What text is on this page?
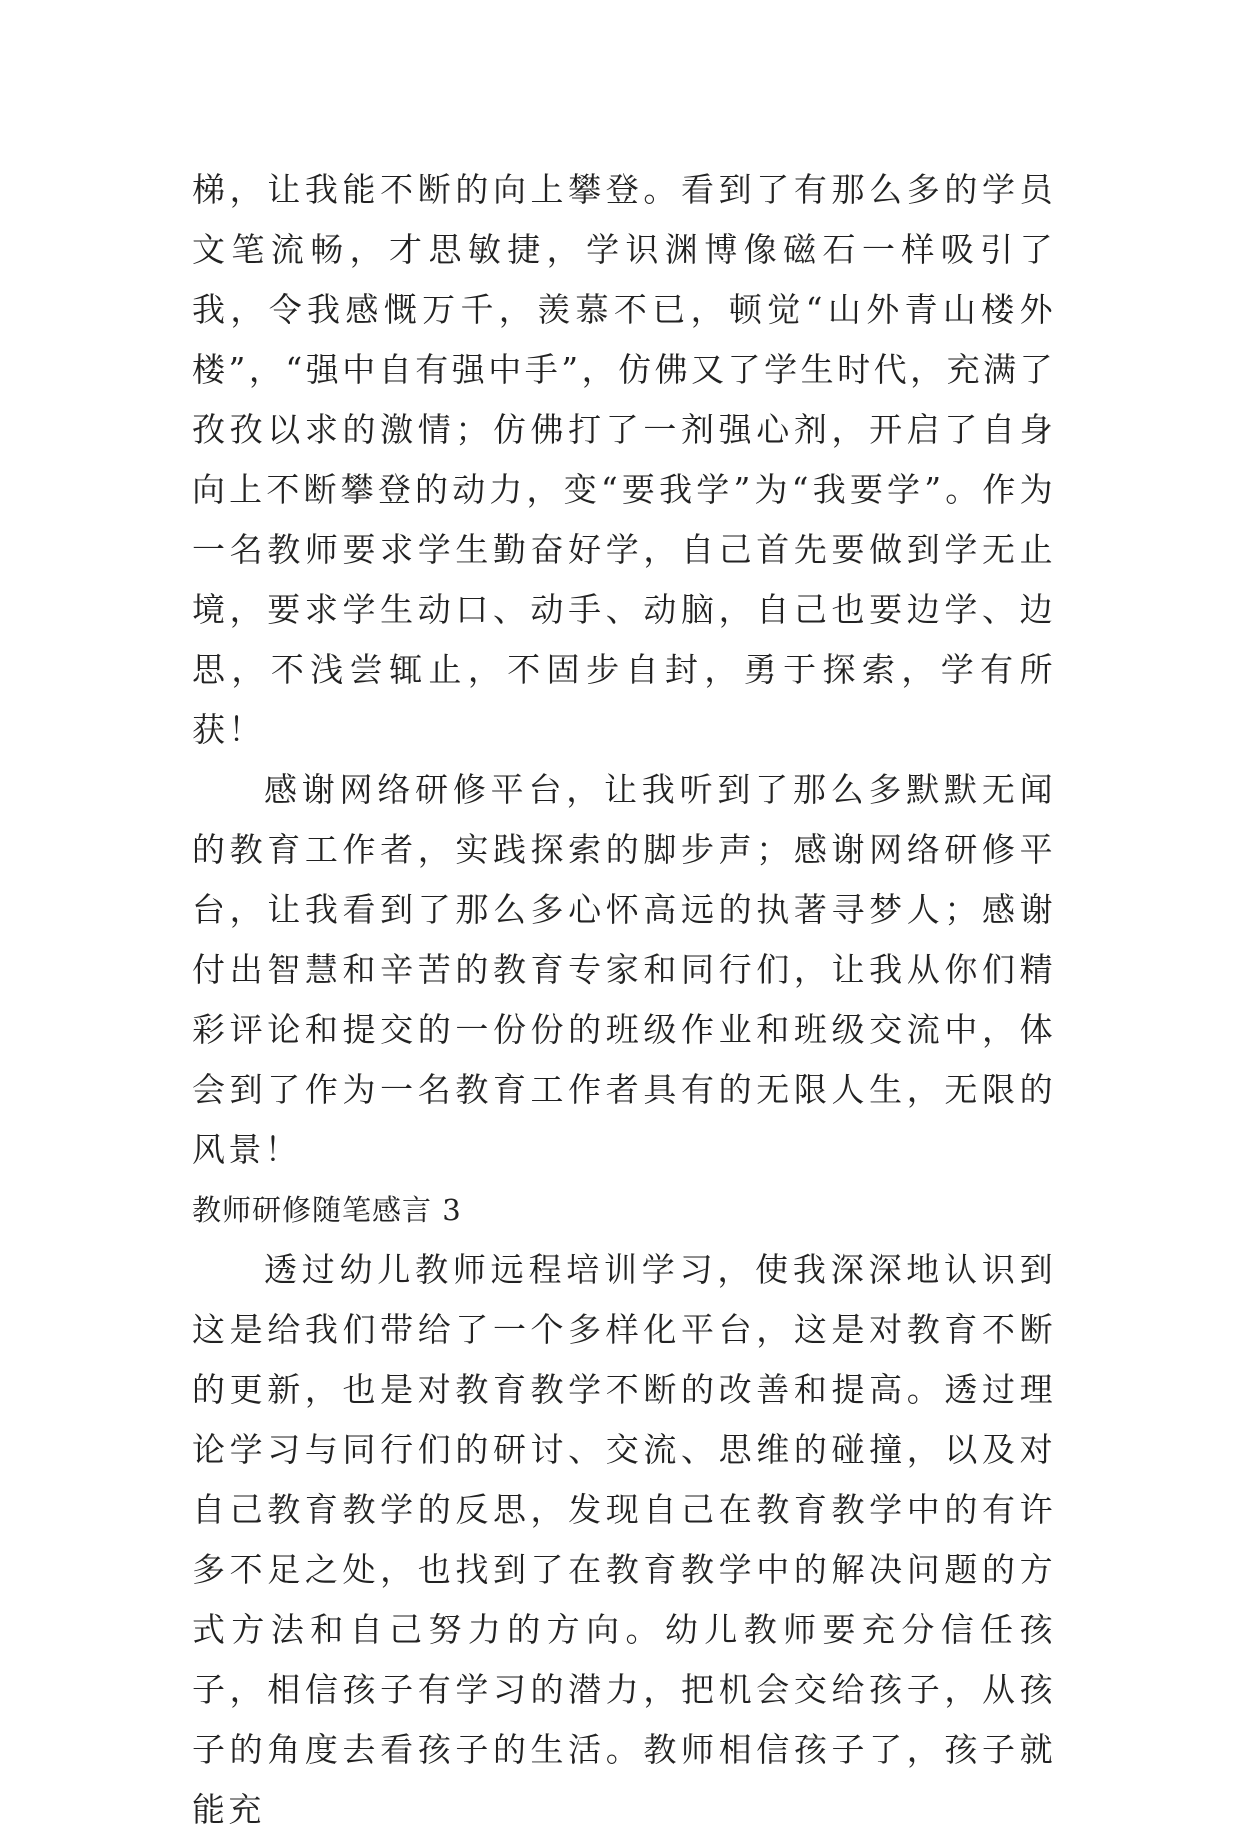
梯，让我能不断的向上攀登。看到了有那么多的学员文笔流畅，才思敏捷，学识渊博像磁石一样吸引了我，令我感慨万千，羡慕不已，顿觉“山外青山楼外楼”，“强中自有强中手”，仿佛又了学生时代，充满了孜孜以求的激情；仿佛打了一剂强心剂，开启了自身向上不断攀登的动力，变“要我学”为“我要学”。作为一名教师要求学生勤奋好学，自己首先要做到学无止境，要求学生动口、动手、动脑，自己也要边学、边思，不浅尝辄止，不固步自封，勇于探索，学有所获！

感谢网络研修平台，让我听到了那么多默默无闻的教育工作者，实践探索的脚步声；感谢网络研修平台，让我看到了那么多心怀高远的执著寻梦人；感谢付出智慧和辛苦的教育专家和同行们，让我从你们精彩评论和提交的一份份的班级作业和班级交流中，体会到了作为一名教育工作者具有的无限人生，无限的风景！

教师研修随笔感言 3

透过幼儿教师远程培训学习，使我深深地认识到这是给我们带给了一个多样化平台，这是对教育不断的更新，也是对教育教学不断的改善和提高。透过理论学习与同行们的研讨、交流、思维的碰撞，以及对自己教育教学的反思，发现自己在教育教学中的有许多不足之处，也找到了在教育教学中的解决问题的方式方法和自己努力的方向。幼儿教师要充分信任孩子，相信孩子有学习的潜力，把机会交给孩子，从孩子的角度去看孩子的生活。教师相信孩子了，孩子就能充
